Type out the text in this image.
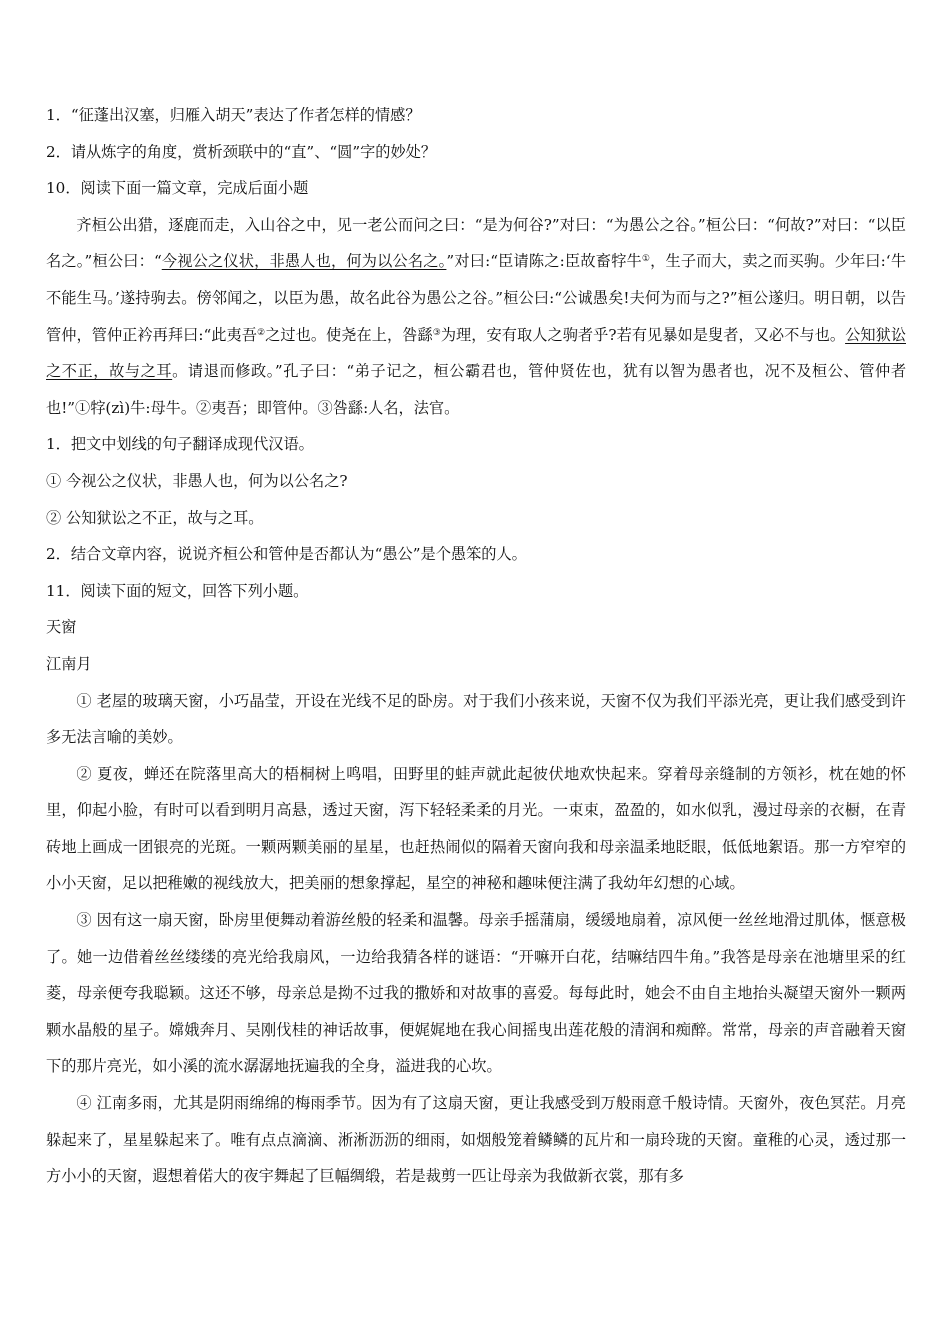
1．“征蓬出汉塞，归雁入胡天”表达了作者怎样的情感？

2．请从炼字的角度，赏析颈联中的“直”、“圆”字的妙处？

10．阅读下面一篇文章，完成后面小题

齐桓公出猎，逐鹿而走，入山谷之中，见一老公而问之曰：“是为何谷?”对曰：“为愚公之谷。”桓公曰：“何故?”对曰：“以臣名之。”桓公曰：“今视公之仪状，非愚人也，何为以公名之。”对曰:“臣请陈之:臣故畜牸牛①，生子而大，卖之而买驹。少年曰:‘牛不能生马。’遂持驹去。傍邻闻之，以臣为愚，故名此谷为愚公之谷。”桓公曰:“公诚愚矣!夫何为而与之?”桓公遂归。明日朝，以告管仲，管仲正衿再拜曰:“此夷吾②之过也。使尧在上，咎繇③为理，安有取人之驹者乎?若有见暴如是叟者，又必不与也。公知狱讼之不正，故与之耳。请退而修政。”孔子曰：“弟子记之，桓公霸君也，管仲贤佐也，犹有以智为愚者也，况不及桓公、管仲者也!”①牸(zì)牛:母牛。②夷吾；即管仲。③咎繇:人名，法官。

1．把文中划线的句子翻译成现代汉语。

① 今视公之仪状，非愚人也，何为以公名之?

② 公知狱讼之不正，故与之耳。

2．结合文章内容，说说齐桓公和管仲是否都认为“愚公”是个愚笨的人。

11．阅读下面的短文，回答下列小题。

天窗

江南月

① 老屋的玻璃天窗，小巧晶莹，开设在光线不足的卧房。对于我们小孩来说，天窗不仅为我们平添光亮，更让我们感受到许多无法言喻的美妙。

② 夏夜，蝉还在院落里高大的梧桐树上鸣唱，田野里的蛙声就此起彼伏地欢快起来。穿着母亲缝制的方领衫，枕在她的怀里，仰起小脸，有时可以看到明月高悬，透过天窗，泻下轻轻柔柔的月光。一束束，盈盈的，如水似乳，漫过母亲的衣橱，在青砖地上画成一团银亮的光斑。一颗两颗美丽的星星，也赶热闹似的隔着天窗向我和母亲温柔地眨眼，低低地絮语。那一方窄窄的小小天窗，足以把稚嫩的视线放大，把美丽的想象撑起，星空的神秘和趣味便注满了我幼年幻想的心域。

③ 因有这一扇天窗，卧房里便舞动着游丝般的轻柔和温馨。母亲手摇蒲扇，缓缓地扇着，凉风便一丝丝地滑过肌体，惬意极了。她一边借着丝丝缕缕的亮光给我扇风，一边给我猜各样的谜语：“开嘛开白花，结嘛结四牛角。”我答是母亲在池塘里采的红菱，母亲便夸我聪颖。这还不够，母亲总是拗不过我的撒娇和对故事的喜爱。每每此时，她会不由自主地抬头凝望天窗外一颗两颗水晶般的星子。嫦娥奔月、吴刚伐桂的神话故事，便娓娓地在我心间摇曳出莲花般的清润和痴醉。常常，母亲的声音融着天窗下的那片亮光，如小溪的流水潺潺地抚遍我的全身，溢进我的心坎。

④ 江南多雨，尤其是阴雨绵绵的梅雨季节。因为有了这扇天窗，更让我感受到万般雨意千般诗情。天窗外，夜色冥茫。月亮躲起来了，星星躲起来了。唯有点点滴滴、淅淅沥沥的细雨，如烟般笼着鳞鳞的瓦片和一扇玲珑的天窗。童稚的心灵，透过那一方小小的天窗，遐想着偌大的夜宇舞起了巨幅绸缎，若是裁剪一匹让母亲为我做新衣裳，那有多
